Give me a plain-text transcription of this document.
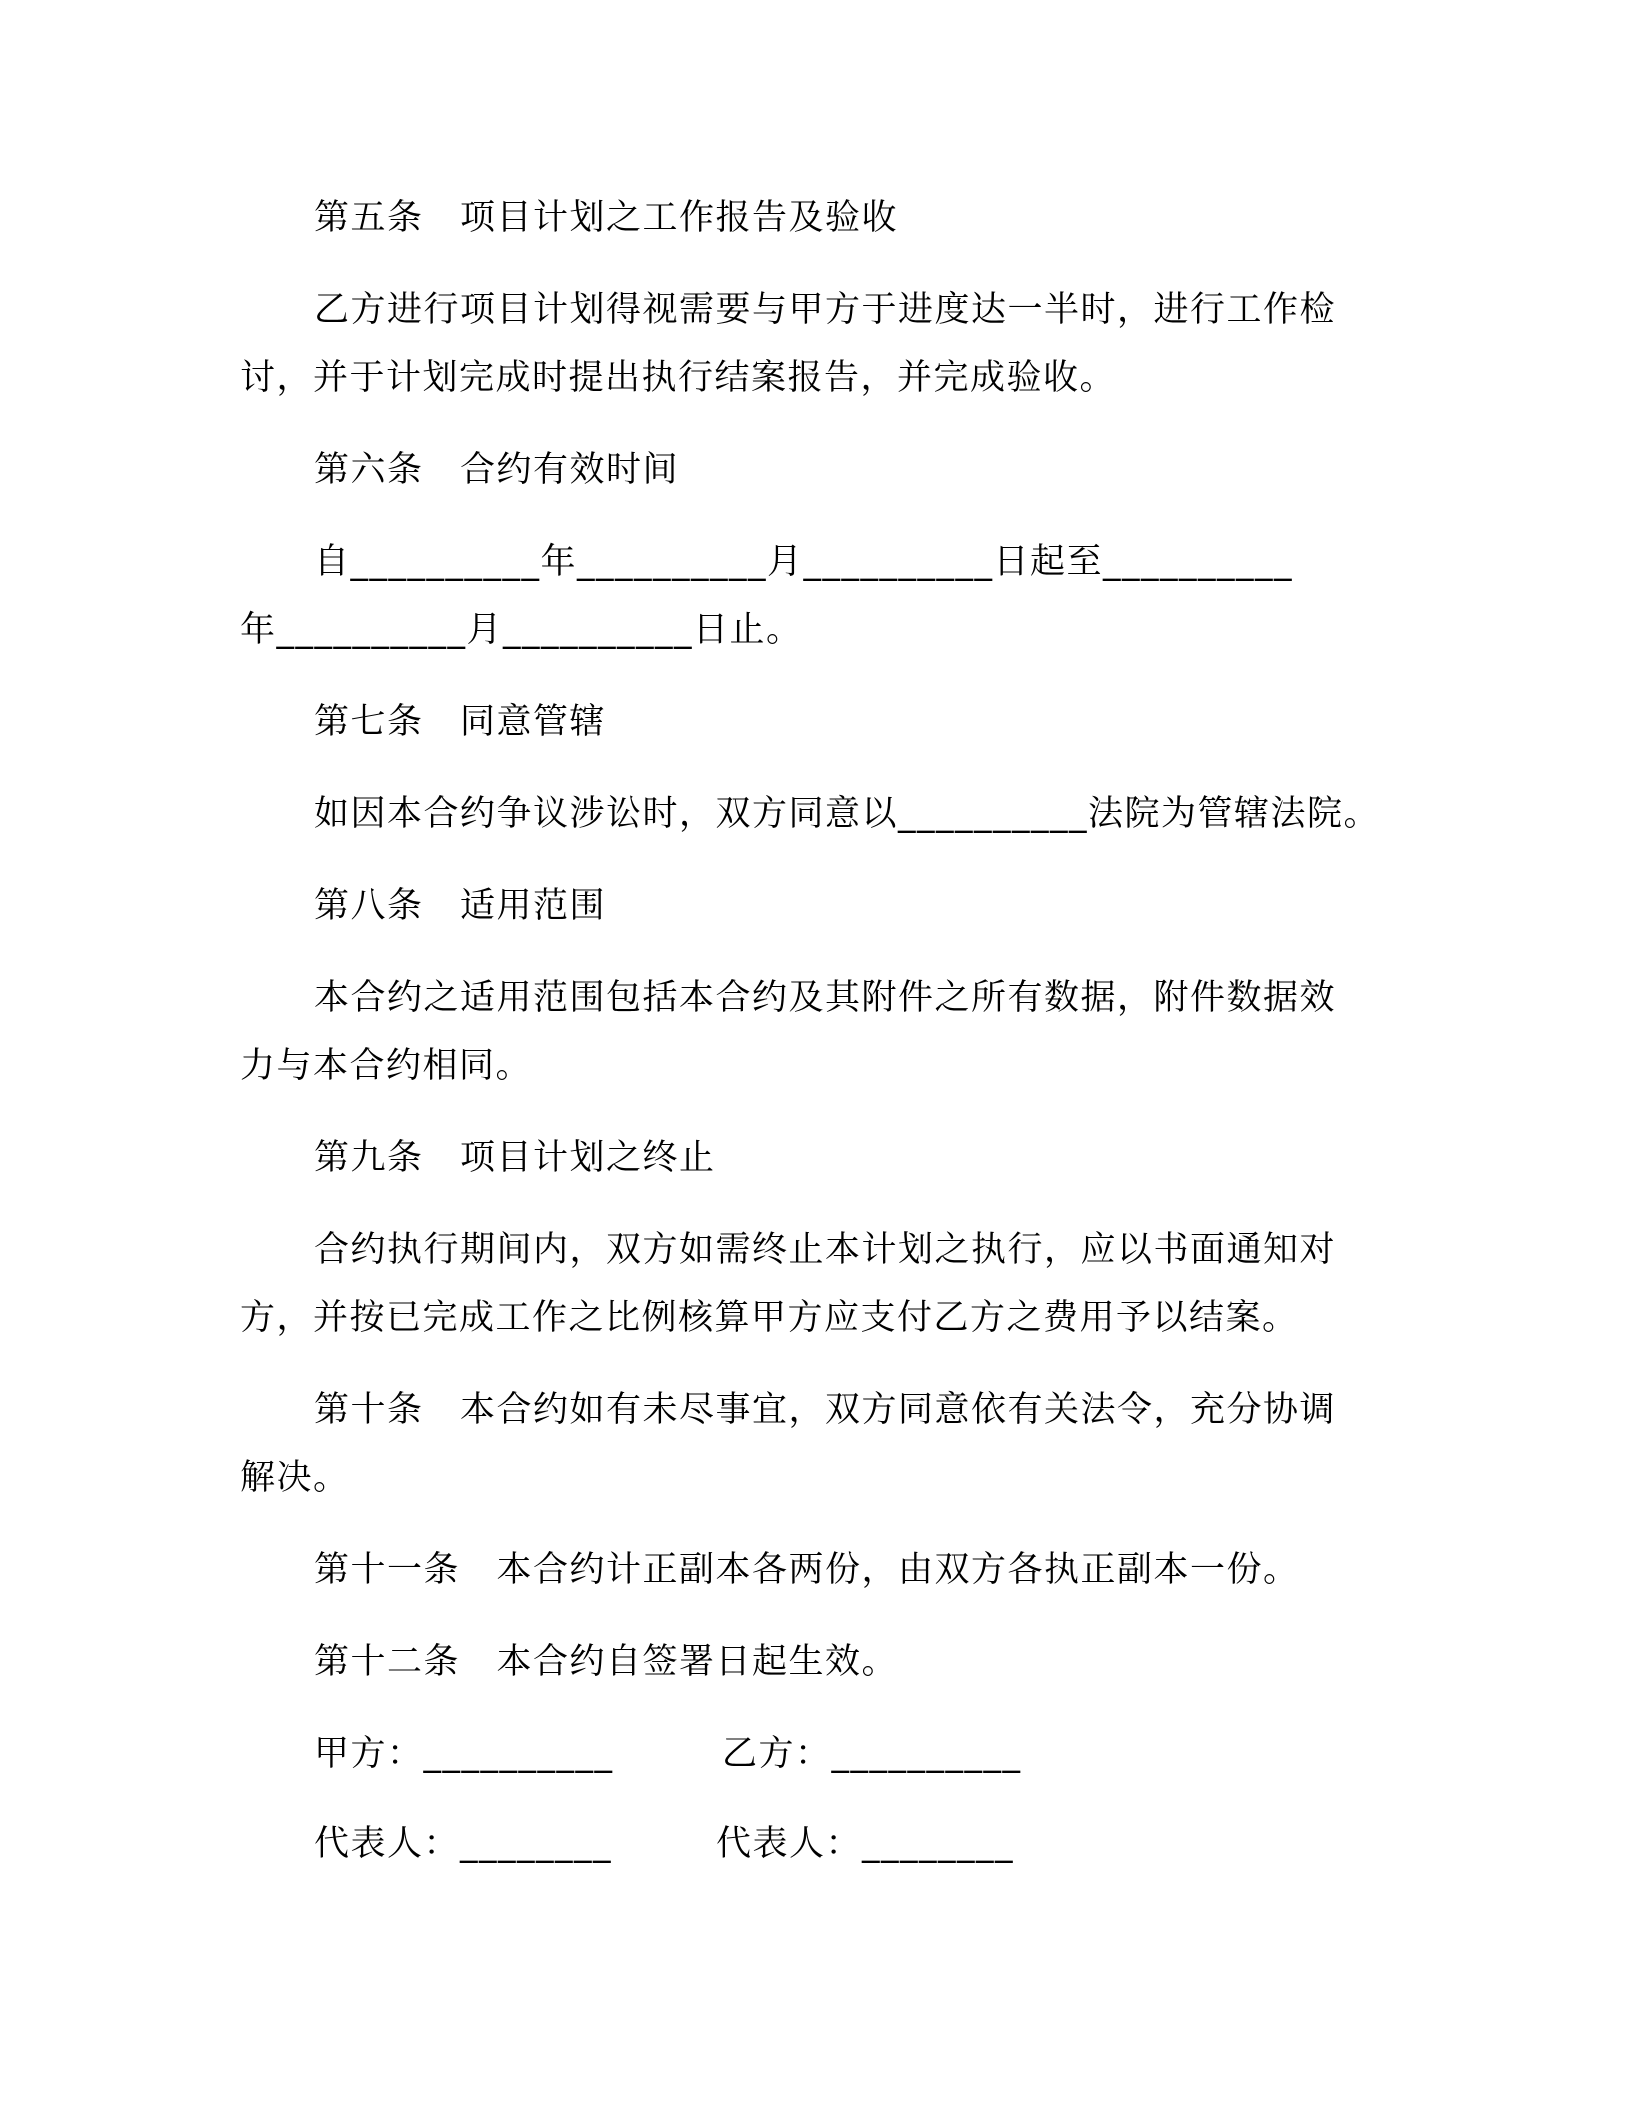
第五条　项目计划之工作报告及验收
乙方进行项目计划得视需要与甲方于进度达一半时，进行工作检
讨，并于计划完成时提出执行结案报告，并完成验收。
第六条　合约有效时间
自__________年__________月__________日起至__________
年__________月__________日止。
第七条　同意管辖
如因本合约争议涉讼时，双方同意以__________法院为管辖法院。
第八条　适用范围
本合约之适用范围包括本合约及其附件之所有数据，附件数据效
力与本合约相同。
第九条　项目计划之终止
合约执行期间内，双方如需终止本计划之执行，应以书面通知对
方，并按已完成工作之比例核算甲方应支付乙方之费用予以结案。
第十条　本合约如有未尽事宜，双方同意依有关法令，充分协调
解决。
第十一条　本合约计正副本各两份，由双方各执正副本一份。
第十二条　本合约自签署日起生效。
甲方：__________	乙方：__________
代表人：________	代表人：________
